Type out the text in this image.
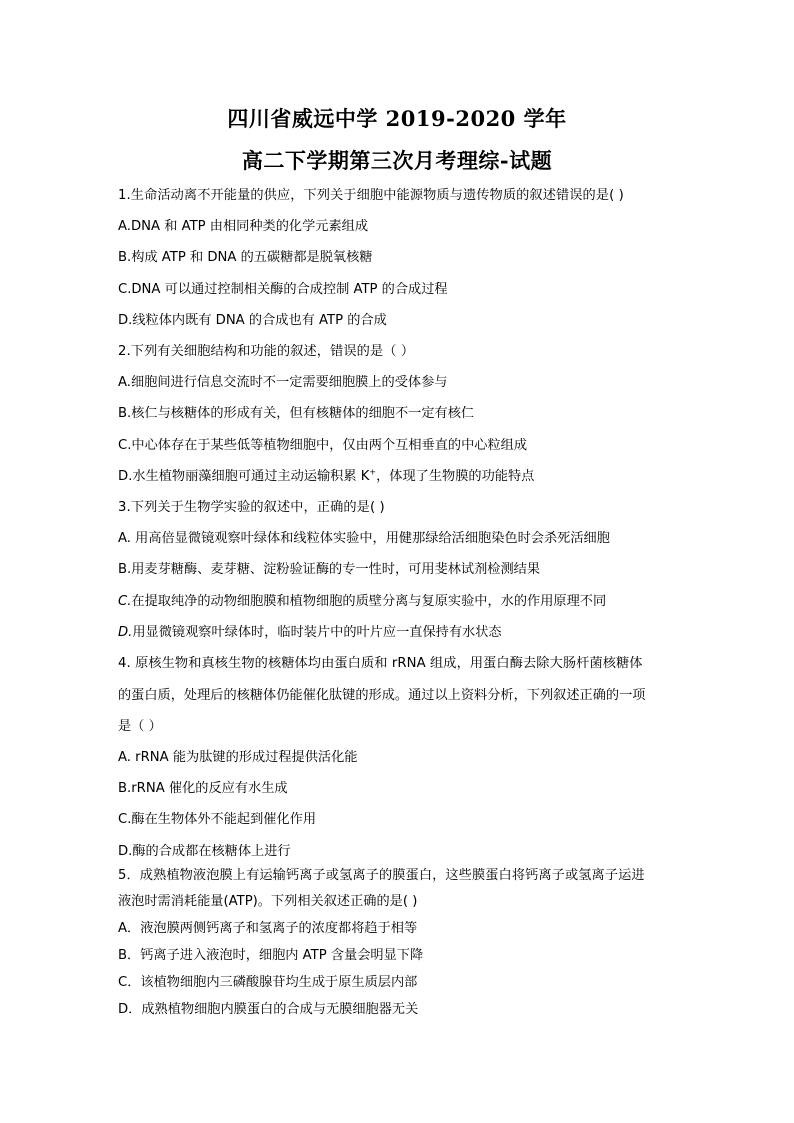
四川省威远中学 2019-2020 学年
高二下学期第三次月考理综-试题
1.生命活动离不开能量的供应，下列关于细胞中能源物质与遗传物质的叙述错误的是( )
A.DNA 和 ATP 由相同种类的化学元素组成
B.构成 ATP 和 DNA 的五碳糖都是脱氧核糖
C.DNA 可以通过控制相关酶的合成控制 ATP 的合成过程
D.线粒体内既有 DNA 的合成也有 ATP 的合成
2.下列有关细胞结构和功能的叙述，错误的是（ ）
A.细胞间进行信息交流时不一定需要细胞膜上的受体参与
B.核仁与核糖体的形成有关，但有核糖体的细胞不一定有核仁
C.中心体存在于某些低等植物细胞中，仅由两个互相垂直的中心粒组成
D.水生植物丽藻细胞可通过主动运输积累 K+，体现了生物膜的功能特点
3.下列关于生物学实验的叙述中，正确的是( )
A. 用高倍显微镜观察叶绿体和线粒体实验中，用健那绿给活细胞染色时会杀死活细胞
B.用麦芽糖酶、麦芽糖、淀粉验证酶的专一性时，可用斐林试剂检测结果
C.在提取纯净的动物细胞膜和植物细胞的质壁分离与复原实验中，水的作用原理不同
D.用显微镜观察叶绿体时，临时装片中的叶片应一直保持有水状态
4. 原核生物和真核生物的核糖体均由蛋白质和 rRNA 组成，用蛋白酶去除大肠杆菌核糖体
的蛋白质，处理后的核糖体仍能催化肽键的形成。通过以上资料分析，下列叙述正确的一项
是（ ）
A. rRNA 能为肽键的形成过程提供活化能
B.rRNA 催化的反应有水生成
C.酶在生物体外不能起到催化作用
D.酶的合成都在核糖体上进行
5．成熟植物液泡膜上有运输钙离子或氢离子的膜蛋白，这些膜蛋白将钙离子或氢离子运进
液泡时需消耗能量(ATP)。下列相关叙述正确的是( )
A．液泡膜两侧钙离子和氢离子的浓度都将趋于相等
B．钙离子进入液泡时，细胞内 ATP 含量会明显下降
C．该植物细胞内三磷酸腺苷均生成于原生质层内部
D．成熟植物细胞内膜蛋白的合成与无膜细胞器无关
